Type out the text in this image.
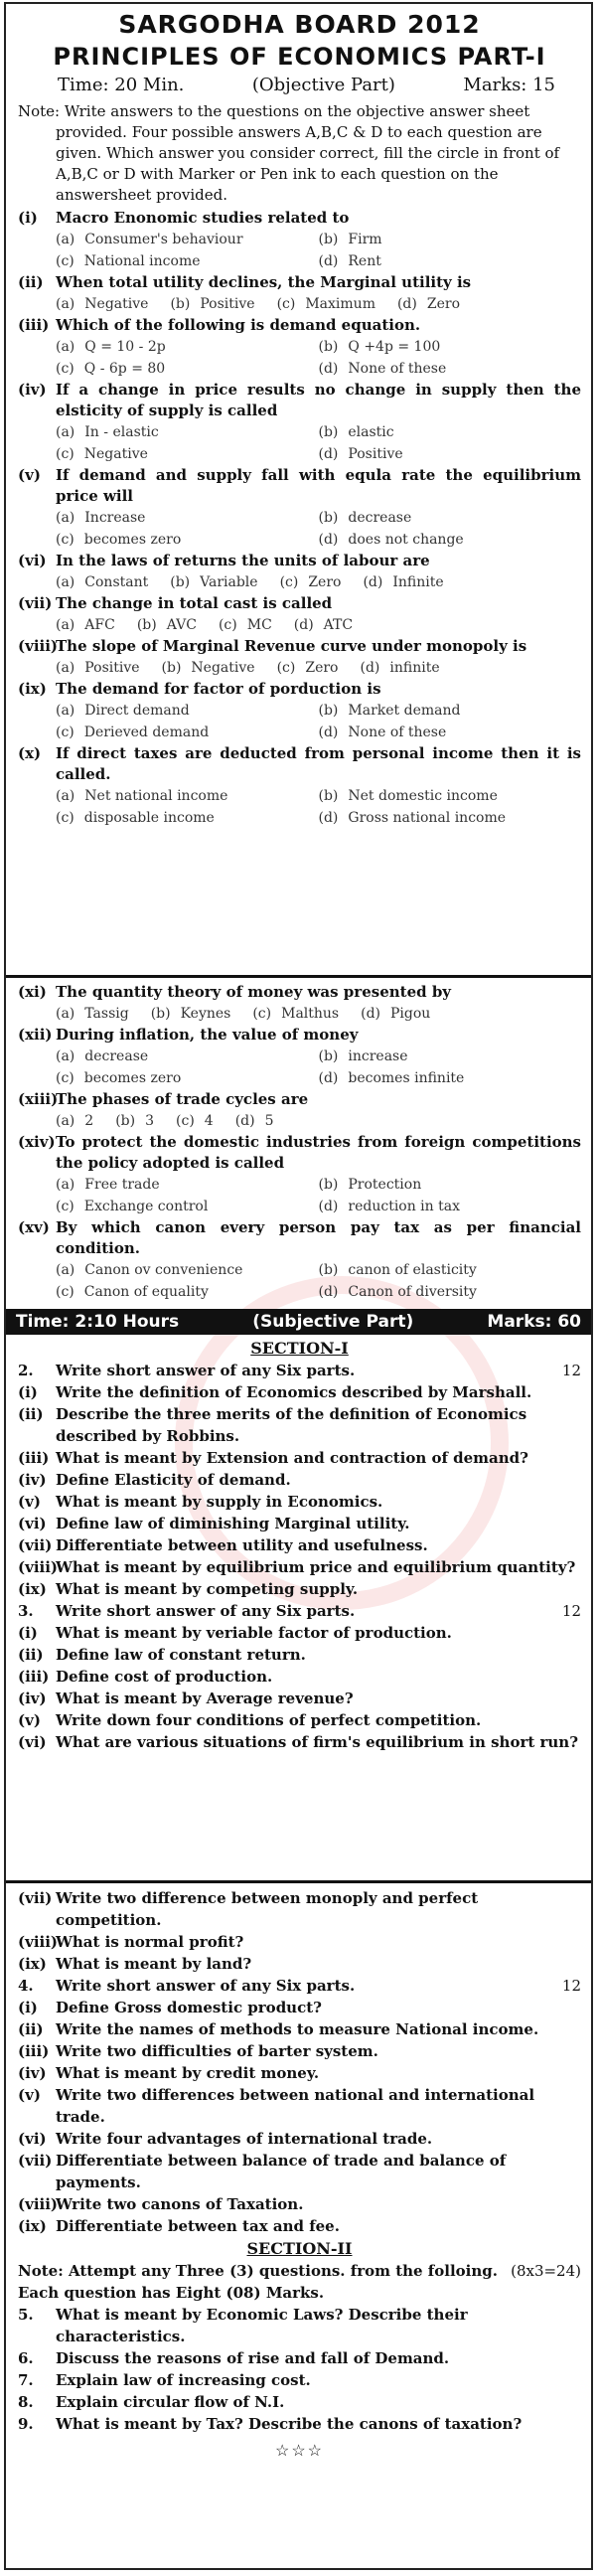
SARGODHA BOARD 2012
PRINCIPLES OF ECONOMICS PART-I
Time: 20 Min.	(Objective Part)	Marks: 15
Note: Write answers to the questions on the objective answer sheet provided. Four possible answers A,B,C & D to each question are given. Which answer you consider correct, fill the circle in front of A,B,C or D with Marker or Pen ink to each question on the answersheet provided.
(i)	Macro Enonomic studies related to
(a) Consumer's behaviour	(b) Firm
(c) National income	(d) Rent
(ii) When total utility declines, the Marginal utility is
(a) Negative (b) Positive (c) Maximum (d) Zero
(iii) Which of the following is demand equation.
(a) Q = 10 - 2p	(b) Q +4p = 100
(c) Q - 6p = 80	(d) None of these
(iv) If a change in price results no change in supply then the elsticity of supply is called
(a) In - elastic	(b) elastic
(c) Negative	(d) Positive
(v)	If demand and supply fall with equla rate the equilibrium price will
(a) Increase	(b) decrease
(c) becomes zero	(d) does not change
(vi) In the laws of returns the units of labour are
(a) Constant (b) Variable (c) Zero (d) Infinite
(vii) The change in total cast is called
(a) AFC (b) AVC (c) MC (d) ATC
(viii)
The slope of Marginal Revenue curve under monopoly is
(a) Positive (b) Negative (c) Zero (d) infinite
(ix) The demand for factor of porduction is
(a) Direct demand	(b) Market demand
(c) Derieved demand	(d) None of these
(x) If direct taxes are deducted from personal income then it is called.
(a) Net national income	(b) Net domestic income
(c) disposable income	(d) Gross national income
(xi) The quantity theory of money was presented by
(a) Tassig (b) Keynes (c) Malthus (d) Pigou
(xii) During inflation, the value of money
(a) decrease	(b) increase
(c) becomes zero	(d) becomes infinite
(xiii)
The phases of trade cycles are
(a) 2 (b) 3 (c) 4 (d) 5
(xiv) To protect the domestic industries from foreign competitions the policy adopted is called
(a) Free trade	(b) Protection
(c) Exchange control	(d) reduction in tax
(xv) By which canon every person pay tax as per financial condition.
(a) Canon ov convenience	(b) canon of elasticity
(c) Canon of equality	(d) Canon of diversity
Time: 2:10 Hours	(Subjective Part)	Marks: 60
SECTION-I
2.	Write short answer of any Six parts.	12
(i)	Write the definition of Economics described by Marshall.
(ii) Describe the three merits of the definition of Economics described by Robbins.
(iii) What is meant by Extension and contraction of demand?
(iv) Define Elasticity of demand.
(v)	What is meant by supply in Economics.
(vi) Define law of diminishing Marginal utility.
(vii) Differentiate between utility and usefulness.
(viii)
What is meant by equilibrium price and equilibrium quantity?
(ix) What is meant by competing supply.
3.	Write short answer of any Six parts.	12
(i)	What is meant by veriable factor of production.
(ii) Define law of constant return.
(iii) Define cost of production.
(iv) What is meant by Average revenue?
(v)	Write down four conditions of perfect competition.
(vi) What are various situations of firm's equilibrium in short run?
(vii) Write two difference between monoply and perfect competition.
(viii)
What is normal profit?
(ix) What is meant by land?
4.	Write short answer of any Six parts.	12
(i)	Define Gross domestic product?
(ii) Write the names of methods to measure National income.
(iii) Write two difficulties of barter system.
(iv) What is meant by credit money.
(v)	Write two differences between national and international trade.
(vi) Write four advantages of international trade.
(vii) Differentiate between balance of trade and balance of payments.
(viii)
Write two canons of Taxation.
(ix) Differentiate between tax and fee.
SECTION-II
Note: Attempt any Three (3) questions. from the folloing. Each question has Eight (08) Marks.
(8x3=24)
5.	What is meant by Economic Laws? Describe their characteristics.
6.	Discuss the reasons of rise and fall of Demand.
7.	Explain law of increasing cost.
8.	Explain circular flow of N.I.
9.	What is meant by Tax? Describe the canons of taxation?
☆☆☆
